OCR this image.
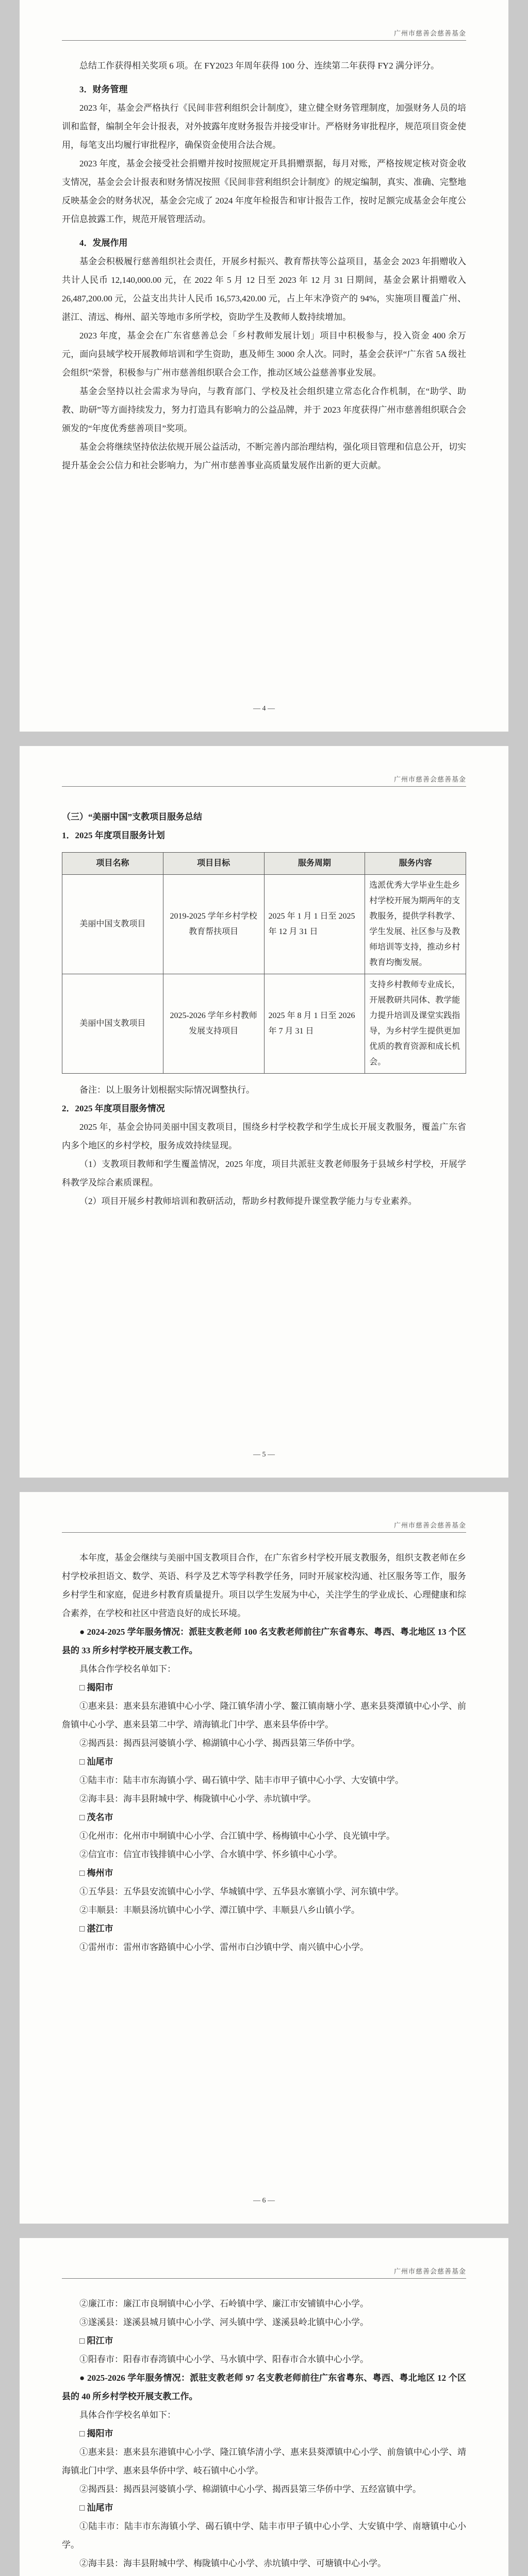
广州市慈善会慈善基金

总结工作获得相关奖项 6 项。在 FY2023 年周年获得 100 分、连续第二年获得 FY2 满分评分。

3．财务管理

2023 年，基金会严格执行《民间非营利组织会计制度》，建立健全财务管理制度，加强财务人员的培训和监督，编制全年会计报表，对外披露年度财务报告并接受审计。严格财务审批程序，规范项目资金使用，每笔支出均履行审批程序，确保资金使用合法合规。

2023 年度，基金会接受社会捐赠并按时按照规定开具捐赠票据，每月对账，严格按规定核对资金收支情况，基金会会计报表和财务情况按照《民间非营利组织会计制度》的规定编制，真实、准确、完整地反映基金会的财务状况，基金会完成了 2024 年度年检报告和审计报告工作，按时足额完成基金会年度公开信息披露工作，规范开展管理活动。

4．发展作用

基金会积极履行慈善组织社会责任，开展乡村振兴、教育帮扶等公益项目，基金会 2023 年捐赠收入共计人民币 12,140,000.00 元，在 2022 年 5 月 12 日至 2023 年 12 月 31 日期间，基金会累计捐赠收入 26,487,200.00 元，公益支出共计人民币 16,573,420.00 元，占上年末净资产的 94%，实施项目覆盖广州、湛江、清远、梅州、韶关等地市多所学校，资助学生及教师人数持续增加。

2023 年度，基金会在广东省慈善总会「乡村教师发展计划」项目中积极参与，投入资金 400 余万元，面向县域学校开展教师培训和学生资助，惠及师生 3000 余人次。同时，基金会获评“广东省 5A 级社会组织”荣誉，积极参与广州市慈善组织联合会工作，推动区域公益慈善事业发展。

基金会坚持以社会需求为导向，与教育部门、学校及社会组织建立常态化合作机制，在“助学、助教、助研”等方面持续发力，努力打造具有影响力的公益品牌，并于 2023 年度获得广州市慈善组织联合会颁发的“年度优秀慈善项目”奖项。

基金会将继续坚持依法依规开展公益活动，不断完善内部治理结构，强化项目管理和信息公开，切实提升基金会公信力和社会影响力，为广州市慈善事业高质量发展作出新的更大贡献。

— 4 —
广州市慈善会慈善基金

（三）“美丽中国”支教项目服务总结

1．2025 年度项目服务计划

项目名称	项目目标	服务周期	服务内容
美丽中国支教项目	2019-2025 学年乡村学校教育帮扶项目	2025 年 1 月 1 日至 2025 年 12 月 31 日	选派优秀大学毕业生赴乡村学校开展为期两年的支教服务，提供学科教学、学生发展、社区参与及教师培训等支持，推动乡村教育均衡发展。
美丽中国支教项目	2025-2026 学年乡村教师发展支持项目	2025 年 8 月 1 日至 2026 年 7 月 31 日	支持乡村教师专业成长，开展教研共同体、教学能力提升培训及课堂实践指导，为乡村学生提供更加优质的教育资源和成长机会。

备注：以上服务计划根据实际情况调整执行。

2．2025 年度项目服务情况

2025 年，基金会协同美丽中国支教项目，围绕乡村学校教学和学生成长开展支教服务，覆盖广东省内多个地区的乡村学校，服务成效持续显现。

（1）支教项目教师和学生覆盖情况，2025 年度，项目共派驻支教老师服务于县域乡村学校，开展学科教学及综合素质课程。

（2）项目开展乡村教师培训和教研活动，帮助乡村教师提升课堂教学能力与专业素养。

— 5 —
广州市慈善会慈善基金

本年度，基金会继续与美丽中国支教项目合作，在广东省乡村学校开展支教服务，组织支教老师在乡村学校承担语文、数学、英语、科学及艺术等学科教学任务，同时开展家校沟通、社区服务等工作，服务乡村学生和家庭，促进乡村教育质量提升。项目以学生发展为中心，关注学生的学业成长、心理健康和综合素养，在学校和社区中营造良好的成长环境。

● 2024-2025 学年服务情况：派驻支教老师 100 名支教老师前往广东省粤东、粤西、粤北地区 13 个区县的 33 所乡村学校开展支教工作。

具体合作学校名单如下：

□ 揭阳市

①惠来县：惠来县东港镇中心小学、隆江镇华清小学、鳌江镇南塘小学、惠来县葵潭镇中心小学、前詹镇中心小学、惠来县第二中学、靖海镇北门中学、惠来县华侨中学。

②揭西县：揭西县河婆镇小学、棉湖镇中心小学、揭西县第三华侨中学。

□ 汕尾市

①陆丰市：陆丰市东海镇小学、碣石镇中学、陆丰市甲子镇中心小学、大安镇中学。

②海丰县：海丰县附城中学、梅陇镇中心小学、赤坑镇中学。

□ 茂名市

①化州市：化州市中垌镇中心小学、合江镇中学、杨梅镇中心小学、良光镇中学。

②信宜市：信宜市钱排镇中心小学、合水镇中学、怀乡镇中心小学。

□ 梅州市

①五华县：五华县安流镇中心小学、华城镇中学、五华县水寨镇小学、河东镇中学。

②丰顺县：丰顺县汤坑镇中心小学、潭江镇中学、丰顺县八乡山镇小学。

□ 湛江市

①雷州市：雷州市客路镇中心小学、雷州市白沙镇中学、南兴镇中心小学。

— 6 —
广州市慈善会慈善基金

②廉江市：廉江市良垌镇中心小学、石岭镇中学、廉江市安铺镇中心小学。

③遂溪县：遂溪县城月镇中心小学、河头镇中学、遂溪县岭北镇中心小学。

□ 阳江市

①阳春市：阳春市春湾镇中心小学、马水镇中学、阳春市合水镇中心小学。

● 2025-2026 学年服务情况：派驻支教老师 97 名支教老师前往广东省粤东、粤西、粤北地区 12 个区县的 40 所乡村学校开展支教工作。

具体合作学校名单如下：

□ 揭阳市

①惠来县：惠来县东港镇中心小学、隆江镇华清小学、惠来县葵潭镇中心小学、前詹镇中心小学、靖海镇北门中学、惠来县华侨中学、岐石镇中心小学。

②揭西县：揭西县河婆镇小学、棉湖镇中心小学、揭西县第三华侨中学、五经富镇中学。

□ 汕尾市

①陆丰市：陆丰市东海镇小学、碣石镇中学、陆丰市甲子镇中心小学、大安镇中学、南塘镇中心小学。

②海丰县：海丰县附城中学、梅陇镇中心小学、赤坑镇中学、可塘镇中心小学。
